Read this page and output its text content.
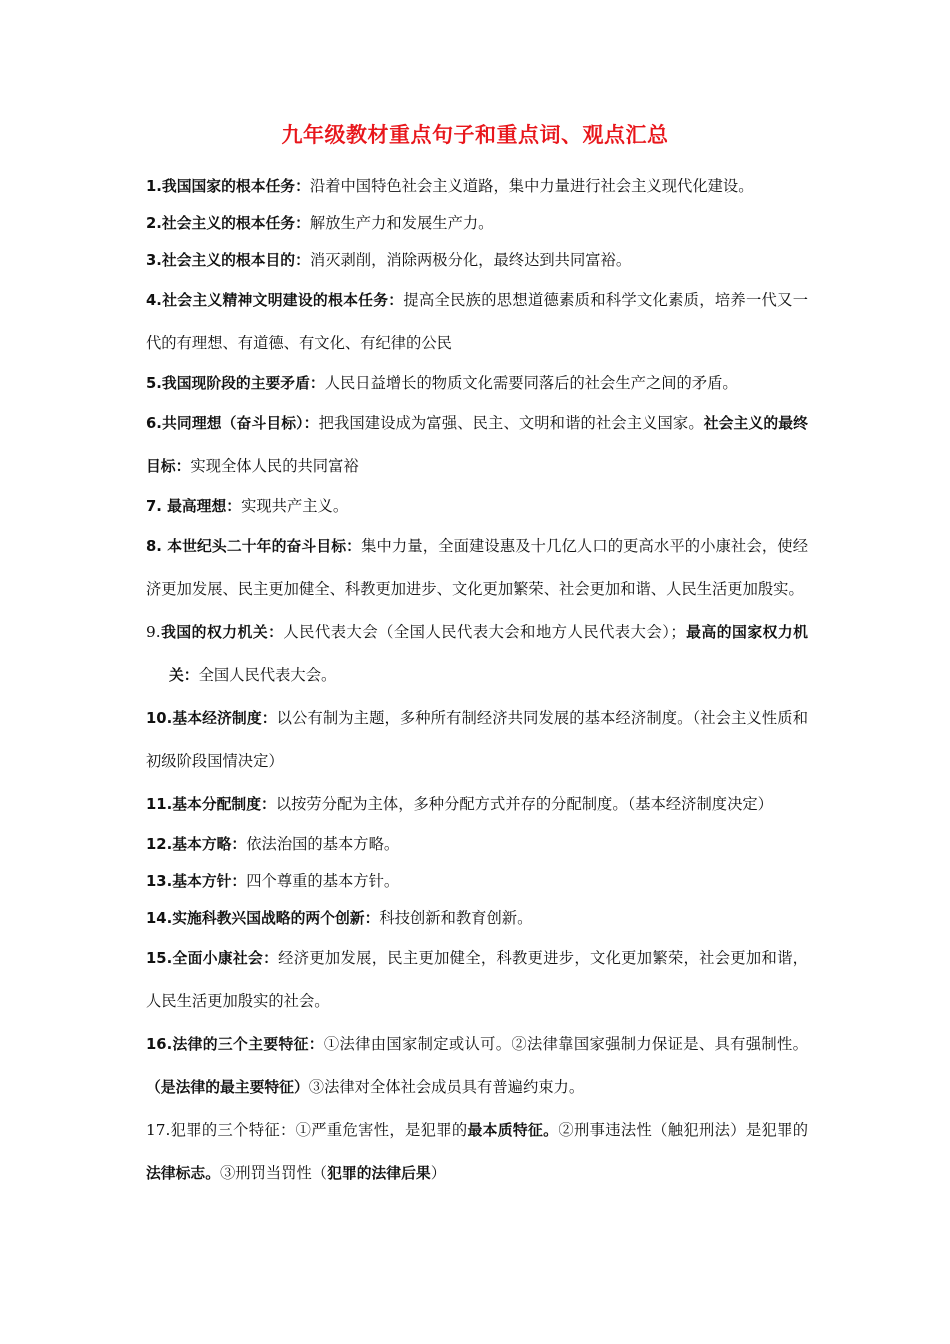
九年级教材重点句子和重点词、观点汇总

1.我国国家的根本任务：沿着中国特色社会主义道路，集中力量进行社会主义现代化建设。

2.社会主义的根本任务：解放生产力和发展生产力。

3.社会主义的根本目的：消灭剥削，消除两极分化，最终达到共同富裕。

4.社会主义精神文明建设的根本任务：提高全民族的思想道德素质和科学文化素质，培养一代又一代的有理想、有道德、有文化、有纪律的公民

5.我国现阶段的主要矛盾：人民日益增长的物质文化需要同落后的社会生产之间的矛盾。

6.共同理想（奋斗目标）：把我国建设成为富强、民主、文明和谐的社会主义国家。社会主义的最终目标：实现全体人民的共同富裕

7. 最高理想：实现共产主义。

8. 本世纪头二十年的奋斗目标：集中力量，全面建设惠及十几亿人口的更高水平的小康社会，使经济更加发展、民主更加健全、科教更加进步、文化更加繁荣、社会更加和谐、人民生活更加殷实。

9.我国的权力机关：人民代表大会（全国人民代表大会和地方人民代表大会）；最高的国家权力机关：全国人民代表大会。

10.基本经济制度：以公有制为主题，多种所有制经济共同发展的基本经济制度。（社会主义性质和初级阶段国情决定）

11.基本分配制度：以按劳分配为主体，多种分配方式并存的分配制度。（基本经济制度决定）

12.基本方略：依法治国的基本方略。

13.基本方针：四个尊重的基本方针。

14.实施科教兴国战略的两个创新：科技创新和教育创新。

15.全面小康社会：经济更加发展，民主更加健全，科教更进步，文化更加繁荣，社会更加和谐，人民生活更加殷实的社会。

16.法律的三个主要特征：①法律由国家制定或认可。②法律靠国家强制力保证是、具有强制性。（是法律的最主要特征）③法律对全体社会成员具有普遍约束力。

17.犯罪的三个特征：①严重危害性，是犯罪的最本质特征。②刑事违法性（触犯刑法）是犯罪的法律标志。③刑罚当罚性（犯罪的法律后果）
